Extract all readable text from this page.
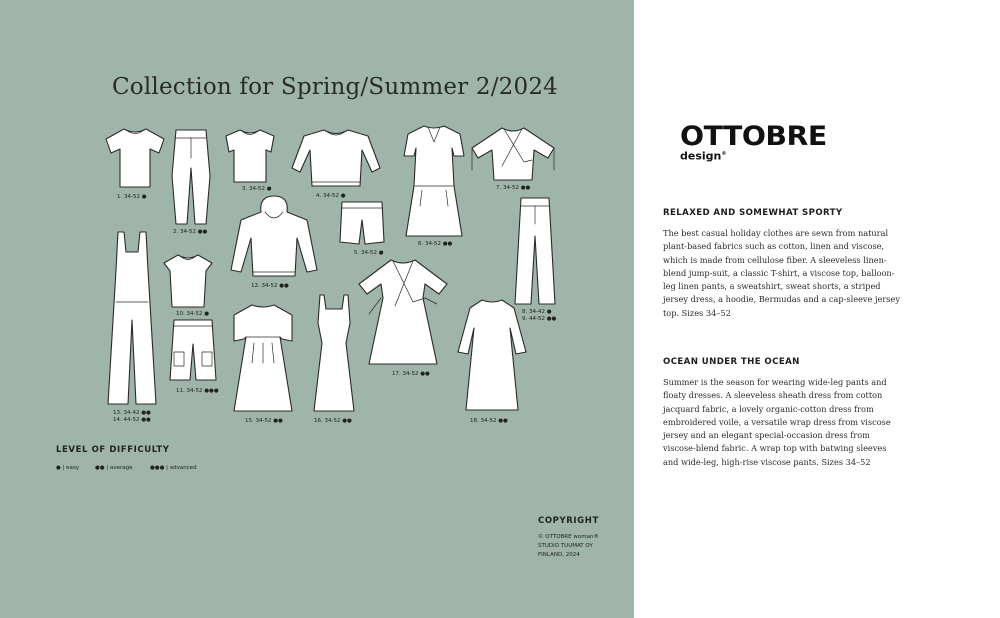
Collection for Spring/Summer 2/2024
1. 34-52 ●
2. 34-52 ●●
3. 34-52 ●
4. 34-52 ●
5. 34-52 ●
6. 34-52 ●●
7. 34-52 ●●
8. 34-42 ●
9. 44-52 ●●
10. 34-52 ●
11. 34-52 ●●●
12. 34-52 ●●
13. 34-42 ●●
14. 44-52 ●●	15. 34-52 ●●	16. 34-52 ●●
17. 34-52 ●●
18. 34-52 ●●
LEVEL OF DIFFICULTY
● | easy	●● | average	●●● | advanced
COPYRIGHT
© OTTOBRE woman®
STUDIO TUUMAT OY
FINLAND, 2024
OTTOBRE
design®
RELAXED AND SOMEWHAT SPORTY
The best casual holiday clothes are sewn from natural plant-based fabrics such as cotton, linen and viscose, which is made from cellulose fiber. A sleeveless linen-blend jump-suit, a classic T-shirt, a viscose top, balloon-leg linen pants, a sweatshirt, sweat shorts, a striped jersey dress, a hoodie, Bermudas and a cap-sleeve jersey top. Sizes 34–52
OCEAN UNDER THE OCEAN
Summer is the season for wearing wide-leg pants and floaty dresses. A sleeveless sheath dress from cotton jacquard fabric, a lovely organic-cotton dress from embroidered voile, a versatile wrap dress from viscose jersey and an elegant special-occasion dress from viscose-blend fabric. A wrap top with batwing sleeves and wide-leg, high-rise viscose pants. Sizes 34–52
